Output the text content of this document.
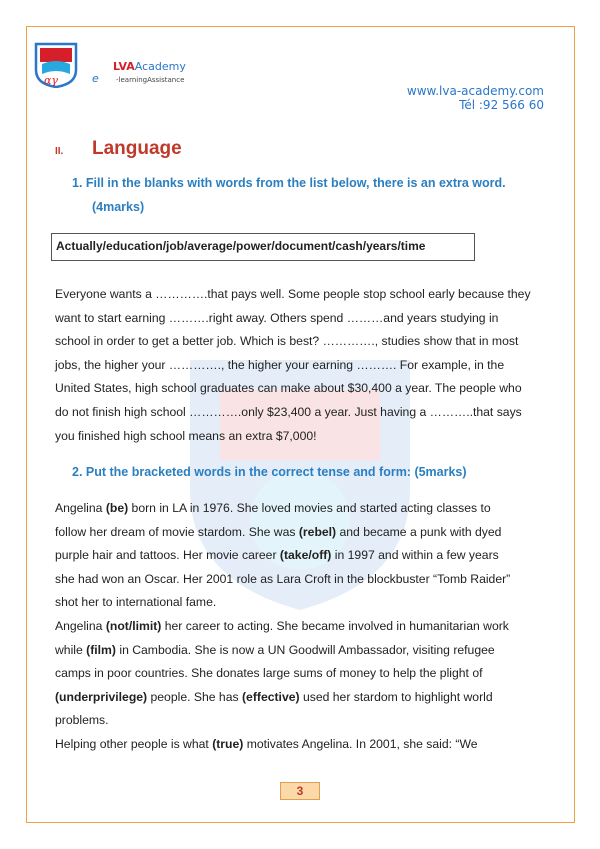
αγ	e
LVAAcademy
-learningAssistance
www.lva-academy.com
Tél :92 566 60
II. Language
1. Fill in the blanks with words from the list below, there is an extra word.
(4marks)
Actually/education/job/average/power/document/cash/years/time

Everyone wants a ………….that pays well. Some people stop school early because they

want to start earning ……….right away. Others spend ………and years studying in

school in order to get a better job. Which is best? …………., studies show that in most

jobs, the higher your …………., the higher your earning ………. For example, in the

United States, high school graduates can make about $30,400 a year. The people who

do not finish high school ………….only $23,400 a year. Just having a ………..that says

you finished high school means an extra $7,000!

2. Put the bracketed words in the correct tense and form: (5marks)

Angelina (be) born in LA in 1976. She loved movies and started acting classes to

follow her dream of movie stardom. She was (rebel) and became a punk with dyed

purple hair and tattoos. Her movie career (take/off) in 1997 and within a few years

she had won an Oscar. Her 2001 role as Lara Croft in the blockbuster “Tomb Raider”

shot her to international fame.

Angelina (not/limit) her career to acting. She became involved in humanitarian work

while (film) in Cambodia. She is now a UN Goodwill Ambassador, visiting refugee

camps in poor countries. She donates large sums of money to help the plight of

(underprivilege) people. She has (effective) used her stardom to highlight world

problems.

Helping other people is what (true) motivates Angelina. In 2001, she said: “We

3
